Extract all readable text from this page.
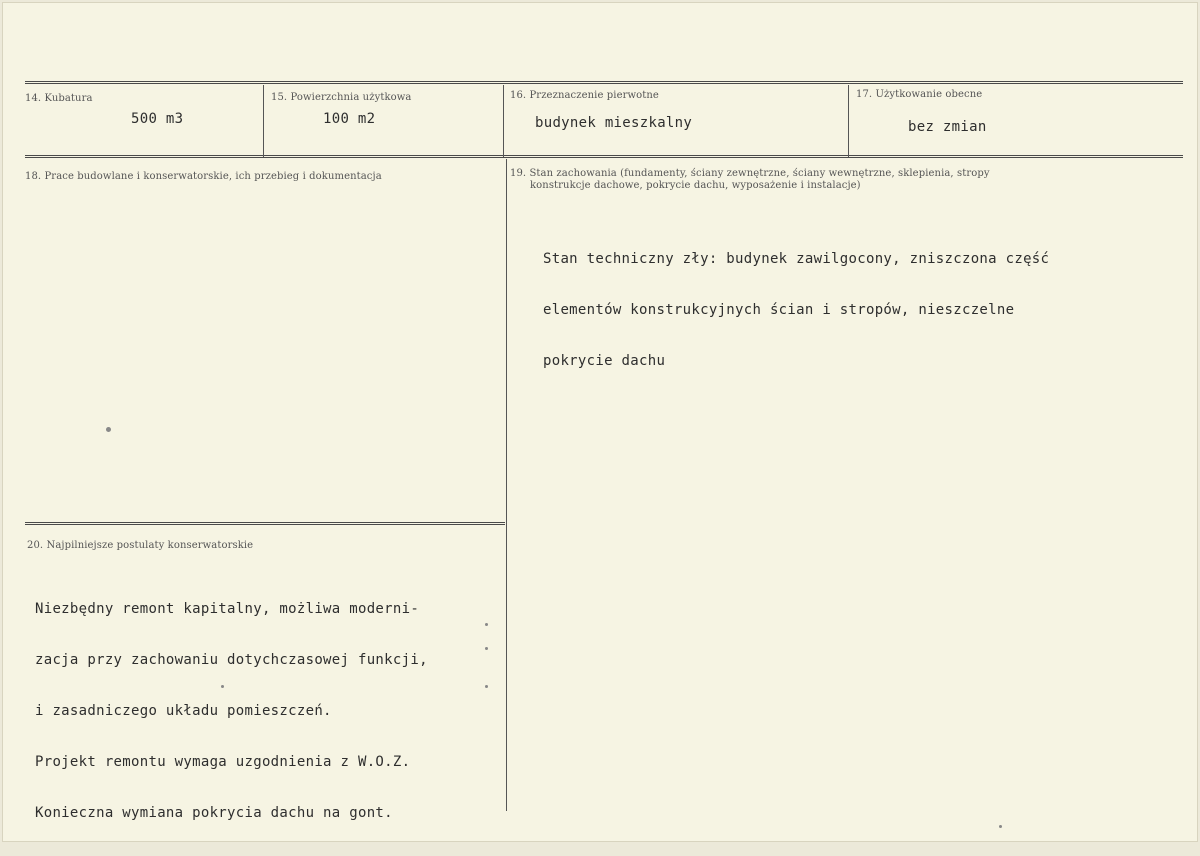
14. Kubatura
500 m3
15. Powierzchnia użytkowa
100 m2
16. Przeznaczenie pierwotne
budynek mieszkalny
17. Użytkowanie obecne
bez zmian
18. Prace budowlane i konserwatorskie, ich przebieg i dokumentacja	19. Stan zachowania (fundamenty, ściany zewnętrzne, ściany wewnętrzne, sklepienia, stropy
konstrukcje dachowe, pokrycie dachu, wyposażenie i instalacje)

Stan techniczny zły: budynek zawilgocony, zniszczona część

elementów konstrukcyjnych ścian i stropów, nieszczelne

pokrycie dachu

20. Najpilniejsze postulaty konserwatorskie

Niezbędny remont kapitalny, możliwa moderni-

zacja przy zachowaniu dotychczasowej funkcji,

i zasadniczego układu pomieszczeń.

Projekt remontu wymaga uzgodnienia z W.O.Z.

Konieczna wymiana pokrycia dachu na gont.
